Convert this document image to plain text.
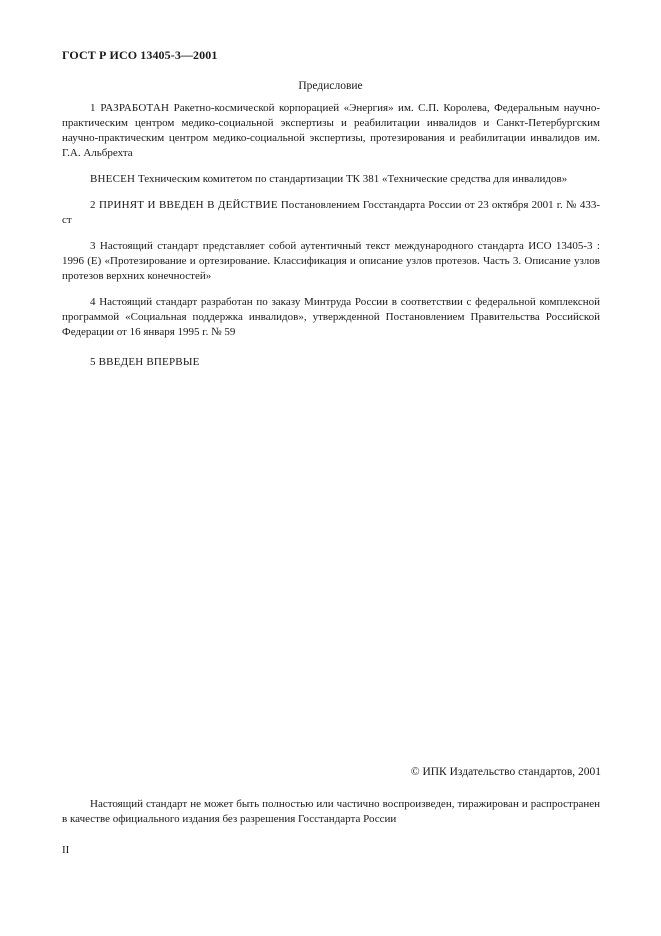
ГОСТ Р ИСО 13405-3—2001
Предисловие

1 РАЗРАБОТАН Ракетно-космической корпорацией «Энергия» им. С.П. Королева, Федеральным научно-практическим центром медико-социальной экспертизы и реабилитации инвалидов и Санкт-Петербургским научно-практическим центром медико-социальной экспертизы, протезирования и реабилитации инвалидов им. Г.А. Альбрехта

ВНЕСЕН Техническим комитетом по стандартизации ТК 381 «Технические средства для инвалидов»

2 ПРИНЯТ И ВВЕДЕН В ДЕЙСТВИЕ Постановлением Госстандарта России от 23 октября 2001 г. № 433-ст

3 Настоящий стандарт представляет собой аутентичный текст международного стандарта ИСО 13405-3 : 1996 (Е) «Протезирование и ортезирование. Классификация и описание узлов протезов. Часть 3. Описание узлов протезов верхних конечностей»

4 Настоящий стандарт разработан по заказу Минтруда России в соответствии с федеральной комплексной программой «Социальная поддержка инвалидов», утвержденной Постановлением Правительства Российской Федерации от 16 января 1995 г. № 59

5 ВВЕДЕН ВПЕРВЫЕ

© ИПК Издательство стандартов, 2001

Настоящий стандарт не может быть полностью или частично воспроизведен, тиражирован и распространен в качестве официального издания без разрешения Госстандарта России

II
